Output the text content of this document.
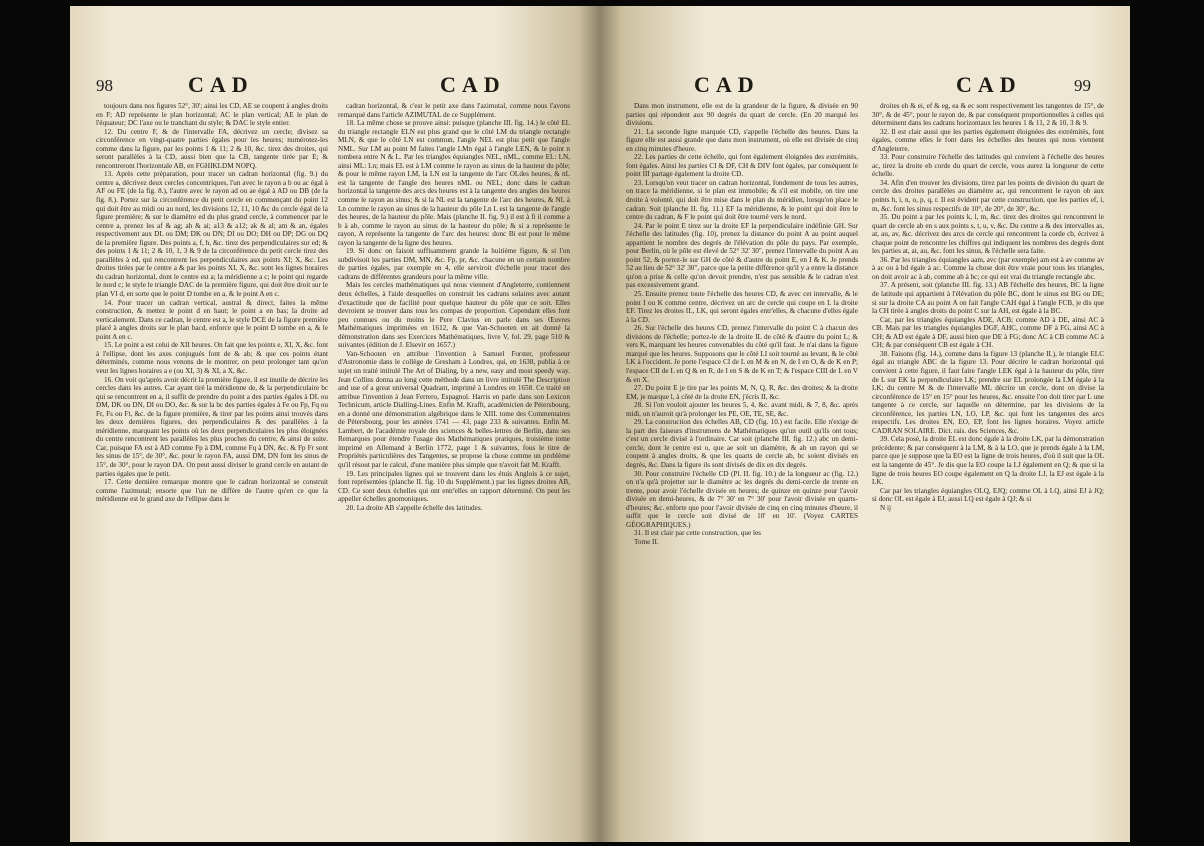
98	CAD	CAD

toujours dans nos figures 52°, 30'; ainsi les CD, AE se coupent à angles droits en F; AD représente le plan horizontal; AC le plan vertical; AE le plan de l'équateur; DC l'axe ou le tranchant du style; & DAC le style entier.

12. Du centre F, & de l'intervalle FA, décrivez un cercle; divisez sa circonférence en vingt-quatre parties égales pour les heures; numérotez-les comme dans la figure, par les points 1 & 11; 2 & 10, &c. tirez des droites, qui seront parallèles à la CD, aussi bien que la CB, tangente tirée par E; & rencontreront l'horizontale AB, en FGHIKLDM NOPQ.

13. Après cette préparation, pour tracer un cadran horizontal (fig. 9.) du centre a, décrivez deux cercles concentriques, l'un avec le rayon a b ou ac égal à AF ou FE (de la fig. 8.), l'autre avec le rayon ad ou ae égal à AD ou DB (de la fig. 8.). Portez sur la circonférence du petit cercle en commençant du point 12 qui doit être au midi ou au nord, les divisions 12, 11, 10 &c du cercle égal de la figure première; & sur le diamètre ed du plus grand cercle, à commencer par le centre a, prenez les af & ag; ah & ai; a13 & a12; ak & al; am & an, égales respectivement aux DL ou DM; DK ou DN; DI ou DO; DH ou DP; DG ou DQ de la première figure. Des points a, f, h, &c. tirez des perpendiculaires sur ed; & des points 1 & 11; 2 & 10, 1, 3 & 9 de la circonférence du petit cercle tirez des parallèles à ed, qui rencontrent les perpendiculaires aux points XI; X, &c. Les droites tirées par le centre a & par les points XI, X, &c. sont les lignes horaires du cadran horizontal, dont le centre est a; la méridienne a c; le point qui regarde le nord c; le style le triangle DAC de la première figure, qui doit être droit sur le plan VI d, en sorte que le point D tombe en a, & le point A en c.

14. Pour tracer un cadran vertical, austral & direct, faites la même construction, & mettez le point d en haut; le point a en bas; la droite ad verticalement. Dans ce cadran, le centre est a, le style DCE de la figure première placé à angles droits sur le plan bacd, enforce que le point D tombe en a, & le point A en c.

15. Le point a est celui de XII heures. On fait que les points e, XI, X, &c. font à l'ellipse, dont les axes conjugués font de & ab; & que ces points étant déterminés, comme nous venons de le montrer, on peut prolonger tant qu'on veut les lignes horaires a e (ou XI, 3) & XI, a X, &c.

16. On voit qu'après avoir décrit la première figure, il est inutile de décrire les cercles dans les autres. Car ayant tiré la méridienne de, & la perpendiculaire bc qui se rencontrent en a, il suffit de prendre du point a des parties égales à DL ou DM, DK ou DN, DI ou DO, &c. & sur la bc des parties égales à Fe ou Fp, Fq ou Fr, Fs ou Ft, &c. de la figure première, & tirer par les points ainsi trouvés dans les deux dernières figures, des perpendiculaires & des parallèles à la méridienne, marquant les points où les deux perpendiculaires les plus éloignées du centre rencontrent les parallèles les plus proches du centre, & ainsi de suite. Car, puisque FA est à AD comme Fp à DM, comme Fq à DN, &c. & Fp Fr sont les sinus de 15°, de 30°, &c. pour le rayon FA, aussi DM, DN font les sinus de 15°, de 30°, pour le rayon DA. On peut aussi diviser le grand cercle en autant de parties égales que le petit.

17. Cette dernière remarque montre que le cadran horizontal se construit comme l'azimutal; ensorte que l'un ne diffère de l'autre qu'en ce que la méridienne est le grand axe de l'ellipse dans le

cadran horizontal, & c'est le petit axe dans l'azimutal, comme nous l'avons remarqué dans l'article AZIMUTAL de ce Supplément.

18. La même chose se prouve ainsi: puisque (planche III. fig. 14.) le côté EL du triangle rectangle ELN est plus grand que le côté LM du triangle rectangle MLN, & que le côté LN est commun, l'angle NEL est plus petit que l'angle NML. Sur LM au point M faites l'angle LMn égal à l'angle LEN, & le point n tombera entre N & L. Par les triangles équiangles NEL, nML, comme EL: LN, ainsi ML: Ln; mais EL est à LM comme le rayon au sinus de la hauteur du pôle; & pour le même rayon LM, la LN est la tangente de l'arc OLdes heures, & nL est la tangente de l'angle des heures nML ou NEL; donc dans le cadran horizontal la tangente des arcs des heures est à la tangente des angles des heures comme le rayon au sinus; & si la NL est la tangente de l'arc des heures, & NL à Ln comme le rayon au sinus de la hauteur du pôle Ln L est la tangente de l'angle des heures, de la hauteur du pôle. Mais (planche II. fig. 9.) il est à fi il comme a b à ab, comme le rayon au sinus de la hauteur du pôle; & si a représente le rayon, A représente la tangente de l'arc des heures: donc Bi est pour le même rayon la tangente de la ligne des heures.

19. Si donc on faisoit suffisamment grande la huitième figure, & si l'on subdivisoit les parties DM, MN, &c. Fp, pr, &c. chacune en un certain nombre de parties égales, par exemple en 4, elle serviroit d'échelle pour tracer des cadrans de différentes grandeurs pour la même ville.

Mais les cercles mathématiques qui nous viennent d'Angleterre, contiennent deux échelles, à l'aide desquelles on construit les cadrans solaires avec autant d'exactitude que de facilité pour quelque hauteur du pôle que ce soit. Elles devroient se trouver dans tous les compas de proportion. Cependant elles font peu connues ou du moins le Pere Clavius en parle dans ses Œuvres Mathématiques imprimées en 1612, & que Van-Schooten en ait donné la démonstration dans ses Exercices Mathématiques, livre V, fol. 29, page 510 & suivantes (édition de J. Elsevir en 1657.)

Van-Schooten en attribue l'invention à Samuel Forster, professeur d'Astronomie dans le collège de Gresham à Londres, qui, en 1638, publia à ce sujet un traité intitulé The Art of Dialing, by a new, easy and most speedy way. Jean Collins donna au long cette méthode dans un livre intitulé The Description and use of a great universal Quadrant, imprimé à Londres en 1658. Ce traité en attribue l'invention à Jean Ferrero, Espagnol. Harris en parle dans son Lexicon Technicum, article Dialling-Lines. Enfin M. Krafft, académicien de Pétersbourg, en a donné une démonstration algébrique dans le XIII. tome des Commentaires de Pétersbourg, pour les années 1741 — 43, page 233 & suivantes. Enfin M. Lambert, de l'académie royale des sciences & belles-lettres de Berlin, dans ses Remarques pour étendre l'usage des Mathématiques pratiques, troisième tome imprimé en Allemand à Berlin 1772, page 1 & suivantes, fous le titre de Propriétés particulières des Tangentes, se propose la chose comme un problème qu'il résout par le calcul, d'une manière plus simple que n'avoit fait M. Krafft.

19. Les principales lignes qui se trouvent dans les étuis Anglois à ce sujet, font représentées (planche II. fig. 10 du Supplément.) par les lignes droites AB, CD. Ce sont deux échelles qui ont entr'elles un rapport déterminé. On peut les appeller échelles gnomoniques.

20. La droite AB s'appelle échelle des latitudes.

CAD	CAD	99

Dans mon instrument, elle est de la grandeur de la figure, & divisée en 90 parties qui répondent aux 90 degrés du quart de cercle. (En 20 marqué les divisions.

21. La seconde ligne marquée CD, s'appelle l'échelle des heures. Dans la figure elle est aussi grande que dans mon instrument, où elle est divisée de cinq en cinq minutes d'heure.

22. Les parties de cette échelle, qui font également éloignées des extrémités, font égales. Ainsi les parties CI & DF, CH & DIV font égales, par conséquent le point III partage également la droite CD.

23. Lorsqu'on veut tracer un cadran horizontal, fondement de tous les autres, on trace la méridienne, si le plan est immobile; & s'il est mobile, on tire une droite à volonté, qui doit être mise dans le plan du méridien, lorsqu'on place le cadran. Soit (planche II. fig. 11.) EF la méridienne, & le point qui doit être le centre du cadran, & F le point qui doit être tourné vers le nord.

24. Par le point E tirez sur la droite EF la perpendiculaire indéfinie GH. Sur l'échelle des latitudes (fig. 10), prenez la distance du point A au point auquel appartient le nombre des degrés de l'élévation du pôle du pays. Par exemple, pour Berlin, où le pôle est élevé de 52° 32' 30", prenez l'intervalle du point A au point 52, & portez-le sur GH de côté & d'autre du point E, en I & K. Je prends 52 au lieu de 52° 32' 30", parce que la petite différence qu'il y a entre la distance qu'on a prise & celle qu'on devoit prendre, n'est pas sensible & le cadran n'est pas excessivement grand.

25. Ensuite prenez toute l'échelle des heures CD, & avec cet intervalle, & le point I ou K comme centre, décrivez un arc de cercle qui coupe en L la droite EF. Tirez les droites IL, LK, qui seront égales entr'elles, & chacune d'elles égale à la CD.

26. Sur l'échelle des heures CD, prenez l'intervalle du point C à chacun des divisions de l'échelle; portez-le de la droite IL de côté & d'autre du point L; & vers K, marquant les heures convenables du côté qu'il faut. Je n'ai dans la figure marqué que les heures. Supposons que le côté LI soit tourné au levant, & le côté LK à l'occident. Je porte l'espace CI de L en M & en N, de I en O, & de K en P; l'espace CII de L en Q & en R, de I en S & de K en T; & l'espace CIII de L en V & en X.

27. Du point E je tire par les points M, N, Q, R, &c. des droites; & la droite EM, je marque l, à côté de la droite EN, j'écris II, &c.

28. Si l'on vouloit ajouter les heures 5, 4, &c. avant midi, & 7, 8, &c. après midi, on n'auroit qu'à prolonger les PE, OE, TE, SE, &c.

29. La construction des échelles AB, CD (fig. 10.) est facile. Elle n'exige de la part des faiseurs d'instrumens de Mathématiques qu'un outil qu'ils ont tous; c'est un cercle divisé à l'ordinaire. Car soit (planche III. fig. 12.) abc un demi-cercle, dont le centre est o, que ae soit un diamètre, & ab un rayon qui se coupent à angles droits, & que les quarts de cercle ab, bc soient divisés en degrés, &c. Dans la figure ils sont divisés de dix en dix degrés.

30. Pour construire l'échelle CD (Pl. II. fig. 10.) de la longueur ac (fig. 12.) on n'a qu'à projetter sur le diamètre ac les degrés du demi-cercle de trente en trente, pour avoir l'échelle divisée en heures; de quinze en quinze pour l'avoir divisée en demi-heures, & de 7° 30' en 7° 30' pour l'avoir divisée en quarts-d'heures; &c. enforte que pour l'avoir divisée de cinq en cinq minutes d'heure, il suffit que le cercle soit divisé de 10' en 10'. (Voyez CARTES GÉOGRAPHIQUES.)

31. Il est clair par cette construction, que les

Tome II.

droites eh & ei, ef & eg, ea & ec sont respectivement les tangentes de 15°, de 30°, & de 45°, pour le rayon de, & par conséquent proportionnelles à celles qui déterminent dans les cadrans horizontaux les heures 1 & 11, 2 & 10, 3 & 9.

32. Il est clair aussi que les parties également éloignées des extrémités, font égales, comme elles le font dans les échelles des heures qui nous viennent d'Angleterre.

33. Pour construire l'échelle des latitudes qui convient à l'échelle des heures ac, tirez la droite eb corde du quart de cercle, vous aurez la longueur de cette échelle.

34. Afin d'en trouver les divisions, tirez par les points de division du quart de cercle des droites parallèles au diamètre ac, qui rencontrent le rayon ob aux points h, i, n, o, p, q, r. Il est évident par cette construction, que les parties ef, i, m, &c. font les sinus respectifs de 10°, de 20°, de 30°, &c.

35. Du point a par les points k, l, m, &c. tirez des droites qui rencontrent le quart de cercle ab en s aux points s, t, u, v, &c. Du centre a & des intervalles as, at, au, av, &c. décrivez des arcs de cercle qui rencontrent la corde cb, écrivez à chaque point de rencontre les chiffres qui indiquent les nombres des degrés dont les parties at, at, au, &c. font les sinus, & l'échelle sera faite.

36. Par les triangles équiangles aam, avc (par exemple) am est à av comme av à ac ou à bd égale à ac. Comme la chose doit être vraie pour tous les triangles, on doit avoir ac à ab, comme ab à bc; ce qui est vrai du triangle rectangle abc.

37. A présent, soit (planche III. fig. 13.) AB l'échelle des heures, BC la ligne de latitude qui appartient à l'élévation du pôle BC, dont le sinus est BG ou DE; si sur la droite CA au point A on fait l'angle CAH égal à l'angle FCB, je dis que la CH tirée à angles droits du point C sur la AH, est égale à la BC.

Car, par les triangles équiangles ADE, ACB; comme AD à DE, ainsi AC à CB. Mais par les triangles équiangles DGF, AHC, comme DF à FG, ainsi AC à CH; & AD est égale à DF, aussi bien que DE à FG; donc AC à CB comme AC à CH; & par conséquent CB est égale à CH.

38. Faisons (fig. 14.), comme dans la figure 13 (planche II.), le triangle ELC égal au triangle ABC de la figure 13. Pour décrire le cadran horizontal qui convient à cette figure, il faut faire l'angle LEK égal à la hauteur du pôle, tirer de L sur EK la perpendiculaire LK; prendre sur EL prolongée la LM égale à la LK; du centre M & de l'intervalle ML décrire un cercle, dont on divise la circonférence de 15° en 15° pour les heures, &c. ensuite l'on doit tirer par L une tangente à ce cercle, sur laquelle on détermine, par les divisions de la circonférence, les parties LN, LO, LP, &c. qui font les tangentes des arcs respectifs. Les droites EN, EO, EP, font les lignes horaires. Voyez article CADRAN SOLAIRE. Dict. rais. des Sciences, &c.

39. Cela posé, la droite EL est donc égale à la droite LK, par la démonstration précédente; & par conséquent à la LM, & à la LO, que je prends égale à la LM, parce que je suppose que la EO est la ligne de trois heures, d'où il suit que la OL est la tangente de 45°. Je dis que la EO coupe la LJ également en Q; & que si la ligne de trois heures EO coupe également en Q la droite LJ, la EJ est égale à la LK.

Car par les triangles équiangles OLQ, EJQ; comme OL à LQ, ainsi EJ à JQ; si donc OL est égale à EJ, aussi LQ est égale à QJ; & si

N ij
